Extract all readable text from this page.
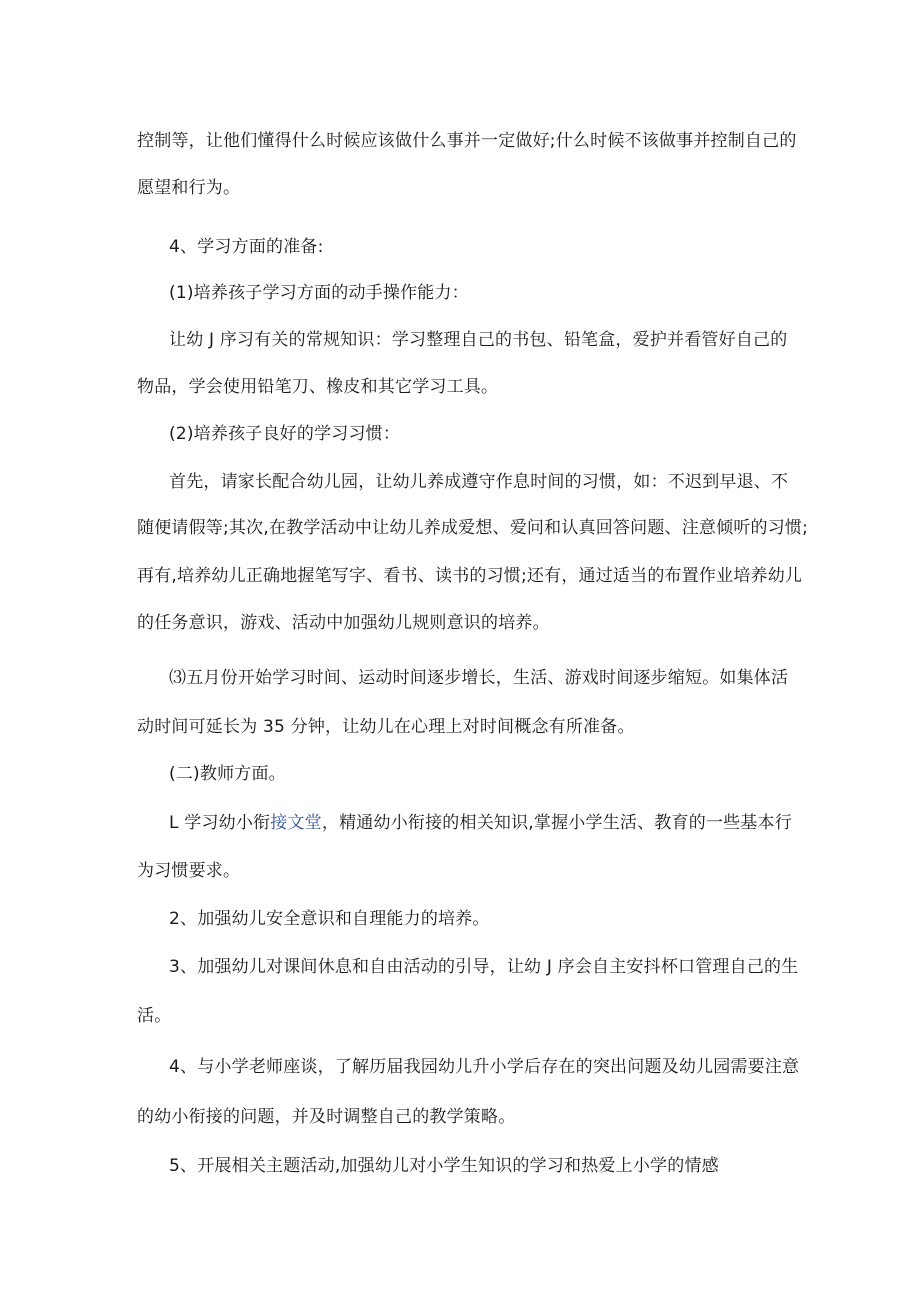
控制等，让他们懂得什么时候应该做什么事并一定做好;什么时候不该做事并控制自己的
愿望和行为。
4、学习方面的准备:
(1)培养孩子学习方面的动手操作能力：
让幼 J 序习有关的常规知识：学习整理自己的书包、铅笔盒，爱护并看管好自己的
物品，学会使用铅笔刀、橡皮和其它学习工具。
(2)培养孩子良好的学习习惯：
首先，请家长配合幼儿园，让幼儿养成遵守作息时间的习惯，如：不迟到早退、不
随便请假等;其次,在教学活动中让幼儿养成爱想、爱问和认真回答问题、注意倾听的习惯;
再有,培养幼儿正确地握笔写字、看书、读书的习惯;还有，通过适当的布置作业培养幼儿
的任务意识，游戏、活动中加强幼儿规则意识的培养。
⑶五月份开始学习时间、运动时间逐步增长，生活、游戏时间逐步缩短。如集体活
动时间可延长为 35 分钟，让幼儿在心理上对时间概念有所准备。
(二)教师方面。
L 学习幼小衔接文堂，精通幼小衔接的相关知识,掌握小学生活、教育的一些基本行
为习惯要求。
2、加强幼儿安全意识和自理能力的培养。
3、加强幼儿对课间休息和自由活动的引导，让幼 J 序会自主安抖杯口管理自己的生
活。
4、与小学老师座谈，了解历届我园幼儿升小学后存在的突出问题及幼儿园需要注意
的幼小衔接的问题，并及时调整自己的教学策略。
5、开展相关主题活动,加强幼儿对小学生知识的学习和热爱上小学的情感
